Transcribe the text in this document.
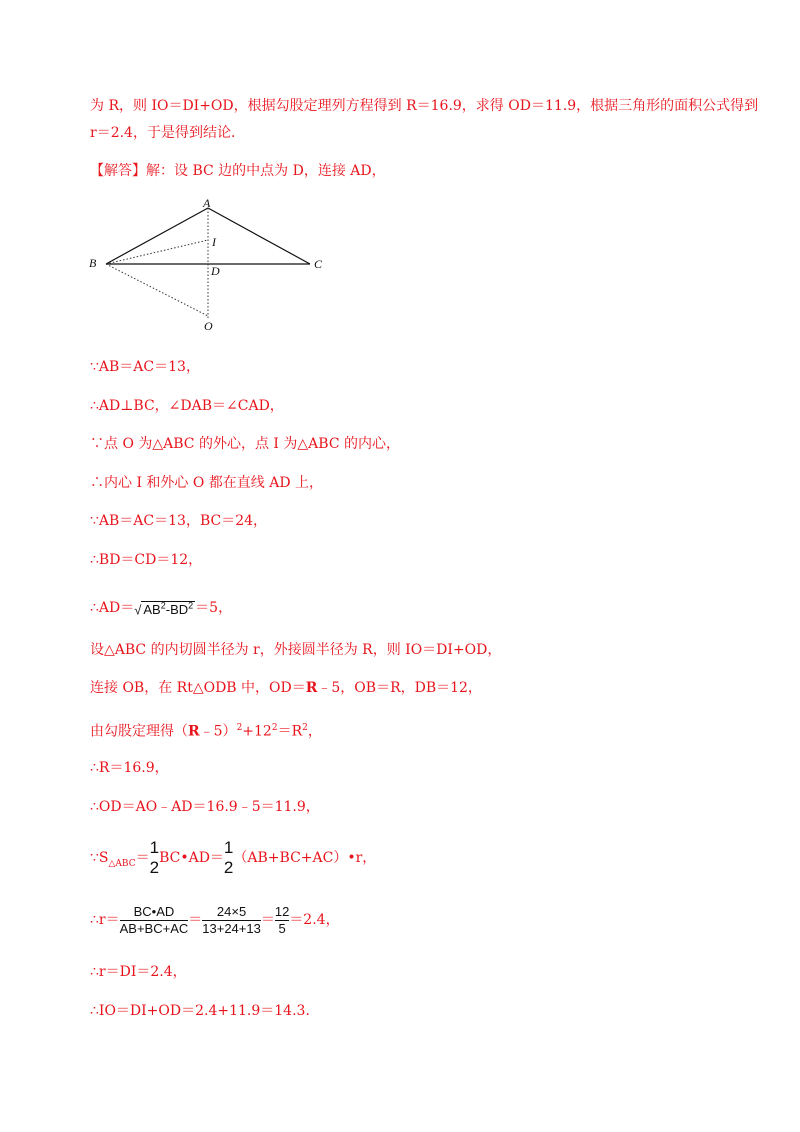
为 R，则 IO＝DI+OD，根据勾股定理列方程得到 R＝16.9，求得 OD＝11.9，根据三角形的面积公式得到
r＝2.4，于是得到结论．
【解答】解：设 BC 边的中点为 D，连接 AD，
A
B	C
D
I
O
∵AB＝AC＝13，
∴AD⊥BC，∠DAB＝∠CAD，
∵点 O 为△ABC 的外心，点 I 为△ABC 的内心，
∴内心 I 和外心 O 都在直线 AD 上，
∵AB＝AC＝13，BC＝24，
∴BD＝CD＝12，
∴AD＝√ $AB^2-BD^2 =5$，
设△ABC 的内切圆半径为 r，外接圆半径为 R，则 IO＝DI+OD，
连接 OB，在 Rt△ODB 中，OD＝R﹣5，OB＝R，DB＝12，
由勾股定理得$(R﹣5)^2+12^2=R^2$，
∴R＝16.9，
∴OD＝AO﹣AD＝16.9﹣5＝11.9，
$\because S_{\triangle ABC}=$
1
2 BC•AD＝
1
2 （AB+BC+AC）•r，
∴r＝ $\frac{BC•AD}{AB+BC+AC} = \frac{24\times 5}{13+24+13} = \frac{12}{5} =2.4$，
∴r＝DI＝2.4，
∴IO＝DI+OD＝2.4+11.9＝14.3．
